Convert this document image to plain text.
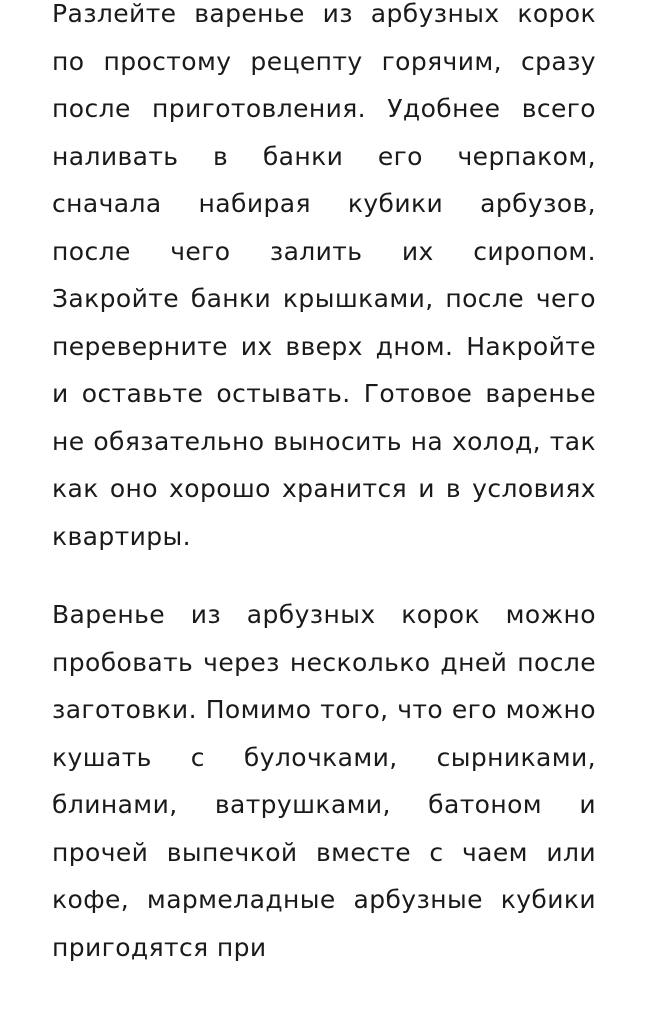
Разлейте варенье из арбузных корок по простому рецепту горячим, сразу после приготовления. Удобнее всего наливать в банки его черпаком, сначала набирая кубики арбузов, после чего залить их сиропом. Закройте банки крышками, после чего переверните их вверх дном. Накройте и оставьте остывать. Готовое варенье не обязательно выносить на холод, так как оно хорошо хранится и в условиях квартиры.

Варенье из арбузных корок можно пробовать через несколько дней после заготовки. Помимо того, что его можно кушать с булочками, сырниками, блинами, ватрушками, батоном и прочей выпечкой вместе с чаем или кофе, мармеладные арбузные кубики пригодятся при
